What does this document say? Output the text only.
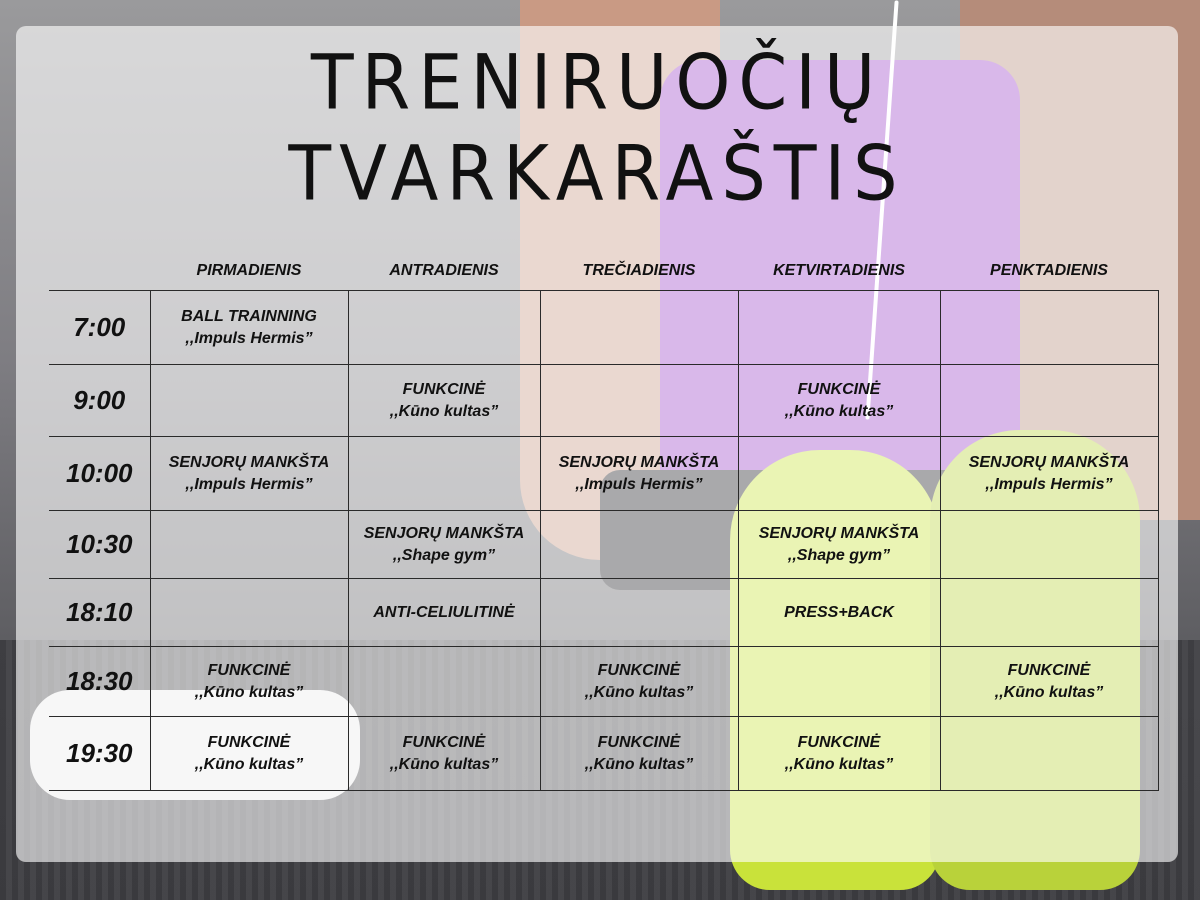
TRENIRUOČIŲ
TVARKARAŠTIS
PIRMADIENIS	ANTRADIENIS	TREČIADIENIS	KETVIRTADIENIS	PENKTADIENIS
7:00	BALL TRAINNING
,,Impuls Hermis”				

9:00		FUNKCINĖ
,,Kūno kultas”		FUNKCINĖ
,,Kūno kultas”	

10:00	SENJORŲ MANKŠTA
,,Impuls Hermis”		SENJORŲ MANKŠTA
,,Impuls Hermis”		SENJORŲ MANKŠTA
,,Impuls Hermis”

10:30		SENJORŲ MANKŠTA
,,Shape gym”		SENJORŲ MANKŠTA
,,Shape gym”	

18:10		ANTI-CELIULITINĖ		PRESS+BACK	

18:30	FUNKCINĖ
,,Kūno kultas”		FUNKCINĖ
,,Kūno kultas”		FUNKCINĖ
,,Kūno kultas”

19:30	FUNKCINĖ
,,Kūno kultas”	FUNKCINĖ
,,Kūno kultas”	FUNKCINĖ
,,Kūno kultas”	FUNKCINĖ
,,Kūno kultas”	
